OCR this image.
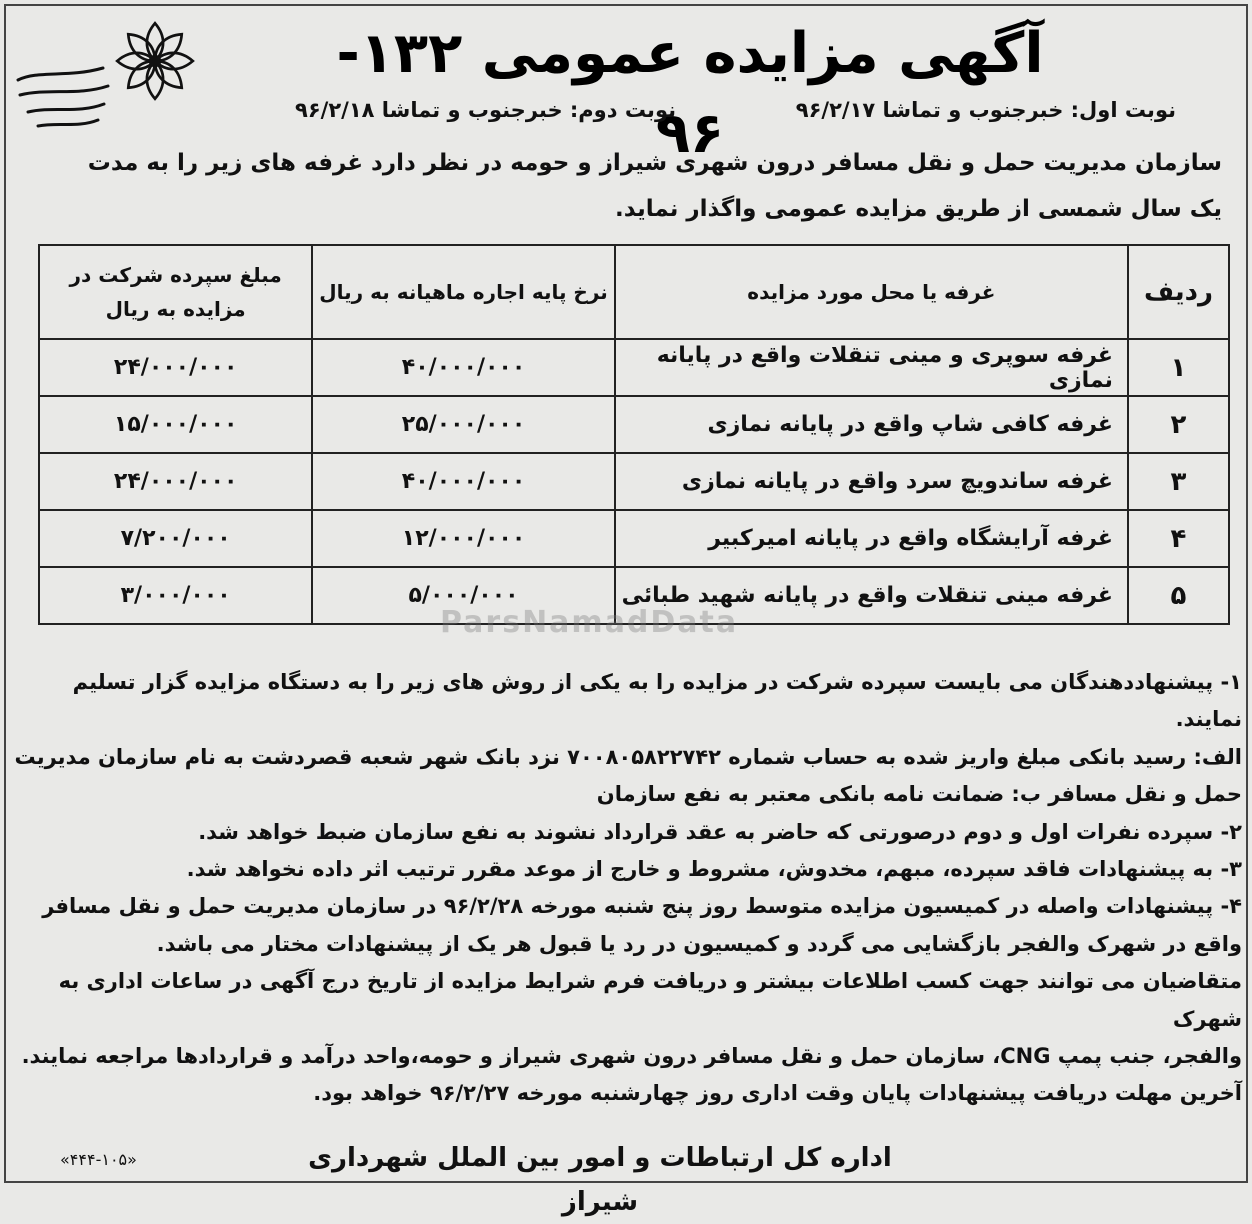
آگهی مزایده عمومی ۱۳۲- ۹۶	نوبت اول: خبرجنوب و تماشا ۹۶/۲/۱۷
نوبت دوم: خبرجنوب و تماشا ۹۶/۲/۱۸
سازمان مدیریت حمل و نقل مسافر درون شهری شیراز و حومه در نظر دارد غرفه های زیر را به مدت
یک سال شمسی از طریق مزایده عمومی واگذار نماید.
ردیف	غرفه یا محل مورد مزایده	نرخ پایه اجاره ماهیانه به ریال	مبلغ سپرده شرکت در مزایده به ریال
۱	غرفه سوپری و مینی تنقلات واقع در پایانه نمازی	۴۰/۰۰۰/۰۰۰	۲۴/۰۰۰/۰۰۰
۲	غرفه کافی شاپ واقع در پایانه نمازی	۲۵/۰۰۰/۰۰۰	۱۵/۰۰۰/۰۰۰
۳	غرفه ساندویچ سرد واقع در پایانه نمازی	۴۰/۰۰۰/۰۰۰	۲۴/۰۰۰/۰۰۰
۴	غرفه آرایشگاه واقع در پایانه امیرکبیر	۱۲/۰۰۰/۰۰۰	۷/۲۰۰/۰۰۰
۵	غرفه مینی تنقلات واقع در پایانه شهید طبائی	۵/۰۰۰/۰۰۰	۳/۰۰۰/۰۰۰
ParsNamadData

۱- پیشنهاددهندگان می بایست سپرده شرکت در مزایده را به یکی از روش های زیر را به دستگاه مزایده گزار تسلیم نمایند.

الف: رسید بانکی مبلغ واریز شده به حساب شماره ۷۰۰۸۰۵۸۲۲۷۴۲ نزد بانک شهر شعبه قصردشت به نام سازمان مدیریت

حمل و نقل مسافر ب: ضمانت نامه بانکی معتبر به نفع سازمان

۲- سپرده نفرات اول و دوم درصورتی که حاضر به عقد قرارداد نشوند به نفع سازمان ضبط خواهد شد.

۳- به پیشنهادات فاقد سپرده، مبهم، مخدوش، مشروط و خارج از موعد مقرر ترتیب اثر داده نخواهد شد.

۴- پیشنهادات واصله در کمیسیون مزایده متوسط روز پنج شنبه مورخه ۹۶/۲/۲۸ در سازمان مدیریت حمل و نقل مسافر

واقع در شهرک والفجر بازگشایی می گردد و کمیسیون در رد یا قبول هر یک از پیشنهادات مختار می باشد.

متقاضیان می توانند جهت کسب اطلاعات بیشتر و دریافت فرم شرایط مزایده از تاریخ درج آگهی در ساعات اداری به شهرک

والفجر، جنب پمپ CNG، سازمان حمل و نقل مسافر درون شهری شیراز و حومه،واحد درآمد و قراردادها مراجعه نمایند.

آخرین مهلت دریافت پیشنهادات پایان وقت اداری روز چهارشنبه مورخه ۹۶/۲/۲۷ خواهد بود.

اداره کل ارتباطات و امور بین الملل شهرداری شیراز
«۴۴۴-۱۰۵»
